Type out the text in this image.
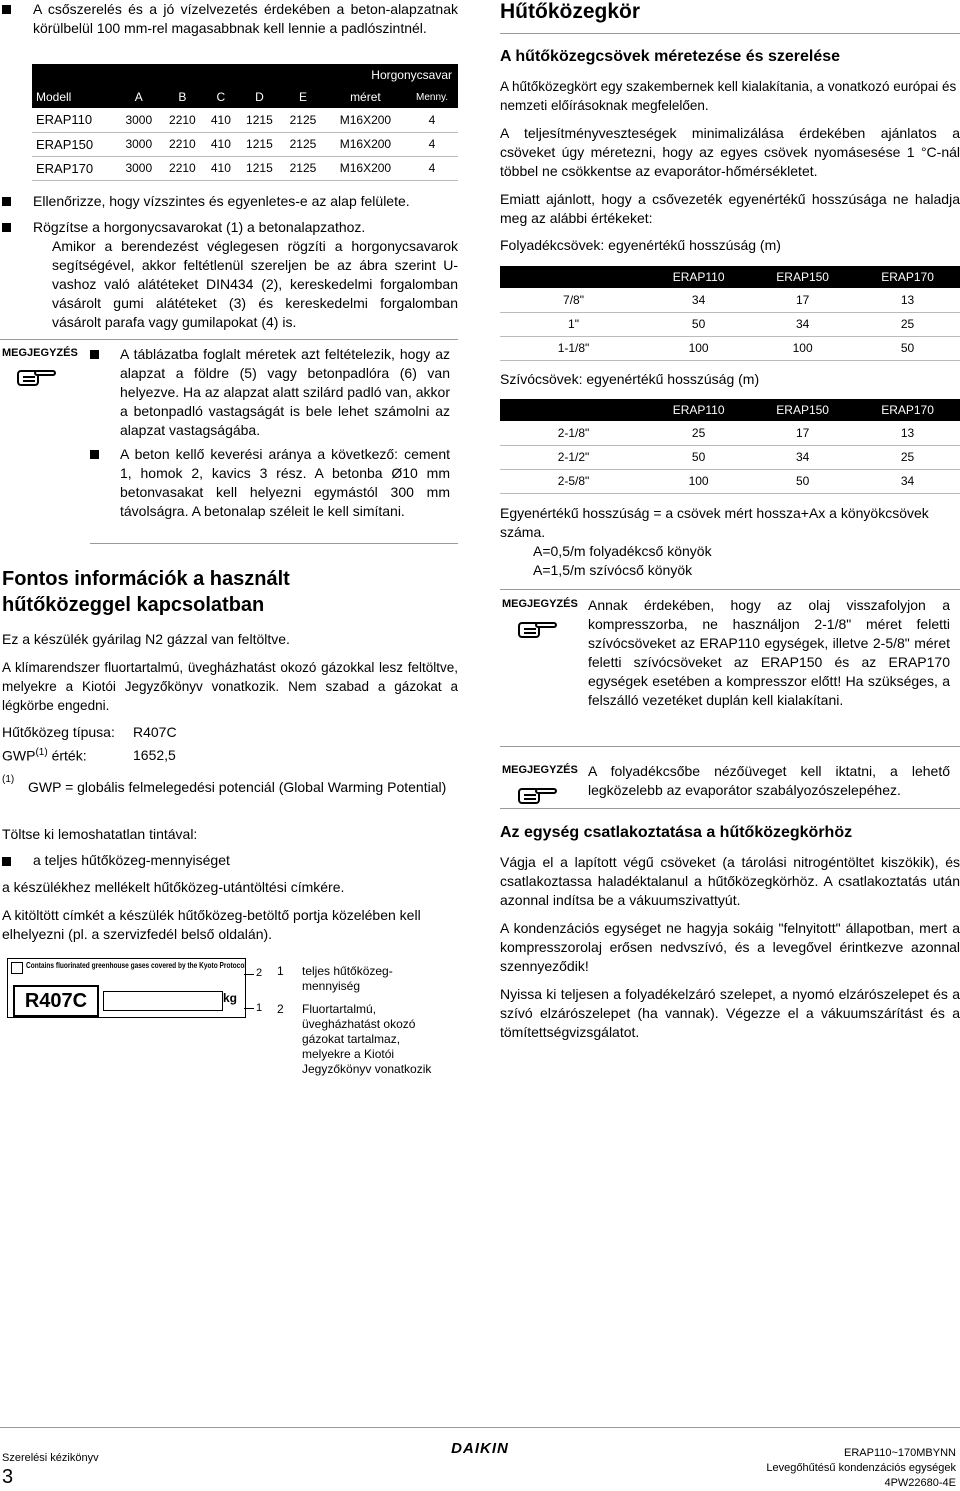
A csőszerelés és a jó vízelvezetés érdekében a beton-alapzatnak körülbelül 100 mm-rel magasabbnak kell lennie a padlószintnél.

						Horgonycsavar	
Modell	A	B	C	D	E	méret	Menny.
ERAP110	3000	2210	410	1215	2125	M16X200	4
ERAP150	3000	2210	410	1215	2125	M16X200	4
ERAP170	3000	2210	410	1215	2125	M16X200	4

Ellenőrizze, hogy vízszintes és egyenletes-e az alap felülete.

Rögzítse a horgonycsavarokat (1) a betonalapzathoz.

Amikor a berendezést véglegesen rögzíti a horgonycsavarok segítségével, akkor feltétlenül szereljen be az ábra szerint U-vashoz való alátéteket DIN434 (2), kereskedelmi forgalomban vásárolt gumi alátéteket (3) és kereskedelmi forgalomban vásárolt parafa vagy gumilapokat (4) is.

MEGJEGYZÉS	A táblázatba foglalt méretek azt feltételezik, hogy az alapzat a földre (5) vagy betonpadlóra (6) van helyezve. Ha az alapzat alatt szilárd padló van, akkor a betonpadló vastagságát is bele lehet számolni az alapzat vastagságába.

A beton kellő keverési aránya a következő: cement 1, homok 2, kavics 3 rész. A betonba Ø10 mm betonvasakat kell helyezni egymástól 300 mm távolságra. A betonalap széleit le kell simítani.

Fontos információk a használt hűtőközeggel kapcsolatban

Ez a készülék gyárilag N2 gázzal van feltöltve.

A klímarendszer fluortartalmú, üvegházhatást okozó gázokkal lesz feltöltve, melyekre a Kiotói Jegyzőkönyv vonatkozik. Nem szabad a gázokat a légkörbe engedni.

Hűtőközeg típusa: R407C
GWP$^{(1)}$ érték:	1652,5
(1) GWP = globális felmelegedési potenciál (Global Warming Potential)

Töltse ki lemoshatatlan tintával:

a teljes hűtőközeg-mennyiséget

a készülékhez mellékelt hűtőközeg-utántöltési címkére.

A kitöltött címkét a készülék hűtőközeg-betöltő portja közelében kell elhelyezni (pl. a szervizfedél belső oldalán).

Contains fluorinated greenhouse gases covered by the Kyoto Protocol
R407C	kg
2
1
1 teljes hűtőközeg-mennyiség
2 Fluortartalmú, üvegházhatást okozó gázokat tartalmaz, melyekre a Kiotói Jegyzőkönyv vonatkozik
Hűtőközegkör
A hűtőközegcsövek méretezése és szerelése

A hűtőközegkört egy szakembernek kell kialakítania, a vonatkozó európai és nemzeti előírásoknak megfelelően.

A teljesítményveszteségek minimalizálása érdekében ajánlatos a csöveket úgy méretezni, hogy az egyes csövek nyomásesése 1 °C-nál többel ne csökkentse az evaporátor-hőmérsékletet.

Emiatt ajánlott, hogy a csővezeték egyenértékű hosszúsága ne haladja meg az alábbi értékeket:

Folyadékcsövek: egyenértékű hosszúság (m)

	ERAP110	ERAP150	ERAP170
7/8"	34	17	13
1"	50	34	25
1-1/8"	100	100	50

Szívócsövek: egyenértékű hosszúság (m)

	ERAP110	ERAP150	ERAP170
2-1/8"	25	17	13
2-1/2"	50	34	25
2-5/8"	100	50	34

Egyenértékű hosszúság = a csövek mért hossza+Ax a könyökcsövek száma.

A=0,5/m folyadékcső könyök

A=1,5/m szívócső könyök

MEGJEGYZÉS Annak érdekében, hogy az olaj visszafolyjon a kompresszorba, ne használjon 2-1/8" méret feletti szívócsöveket az ERAP110 egységek, illetve 2-5/8" méret feletti szívócsöveket az ERAP150 és az ERAP170 egységek esetében a kompresszor előtt! Ha szükséges, a felszálló vezetéket duplán kell kialakítani.

MEGJEGYZÉS A folyadékcsőbe nézőüveget kell iktatni, a lehető legközelebb az evaporátor szabályozószelepéhez.

Az egység csatlakoztatása a hűtőközegkörhöz

Vágja el a lapított végű csöveket (a tárolási nitrogéntöltet kiszökik), és csatlakoztassa haladéktalanul a hűtőközegkörhöz. A csatlakoztatás után azonnal indítsa be a vákuumszivattyút.

A kondenzációs egységet ne hagyja sokáig "felnyitott" állapotban, mert a kompresszorolaj erősen nedvszívó, és a levegővel érintkezve azonnal szennyeződik!

Nyissa ki teljesen a folyadékelzáró szelepet, a nyomó elzárószelepet és a szívó elzárószelepet (ha vannak). Végezze el a vákuumszárítást és a tömítettségvizsgálatot.

Szerelési kézikönyv
3
DAIKIN	ERAP110~170MBYNN
Levegőhűtésű kondenzációs egységek
4PW22680-4E
